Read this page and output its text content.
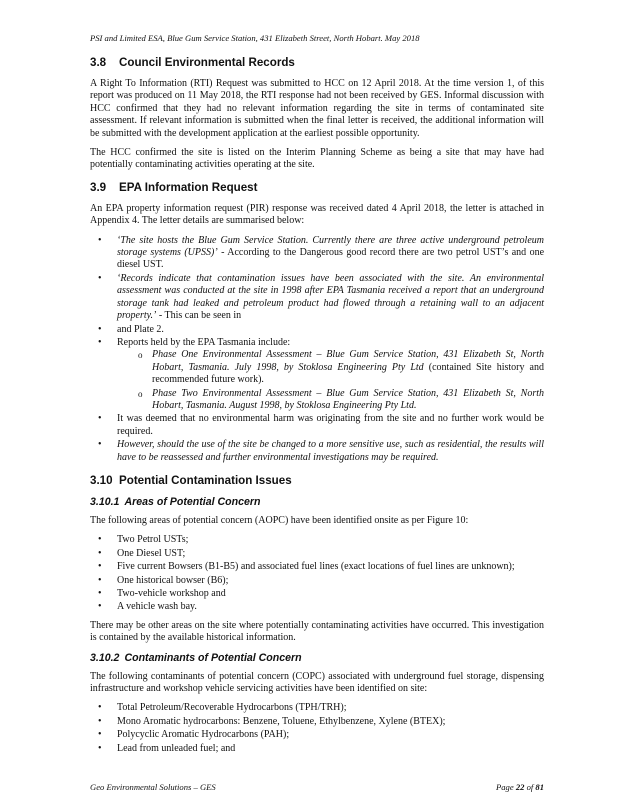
PSI and Limited ESA, Blue Gum Service Station, 431 Elizabeth Street, North Hobart. May 2018
3.8 Council Environmental Records

A Right To Information (RTI) Request was submitted to HCC on 12 April 2018. At the time version 1, of this report was produced on 11 May 2018, the RTI response had not been received by GES. Informal discussion with HCC confirmed that they had no relevant information regarding the site in terms of contaminated site assessment. If relevant information is submitted when the final letter is received, the additional information will be submitted with the development application at the earliest possible opportunity.

The HCC confirmed the site is listed on the Interim Planning Scheme as being a site that may have had potentially contaminating activities operating at the site.

3.9 EPA Information Request

An EPA property information request (PIR) response was received dated 4 April 2018, the letter is attached in Appendix 4. The letter details are summarised below:

• ‘The site hosts the Blue Gum Service Station. Currently there are three active underground petroleum storage systems (UPSS)’ - According to the Dangerous good record there are two petrol UST’s and one diesel UST.
• ‘Records indicate that contamination issues have been associated with the site. An environmental assessment was conducted at the site in 1998 after EPA Tasmania received a report that an underground storage tank had leaked and petroleum product had flowed through a retaining wall to an adjacent property.’ - This can be seen in
• and Plate 2.
• Reports held by the EPA Tasmania include:
o Phase One Environmental Assessment – Blue Gum Service Station, 431 Elizabeth St, North Hobart, Tasmania. July 1998, by Stoklosa Engineering Pty Ltd (contained Site history and recommended future work).
o Phase Two Environmental Assessment – Blue Gum Service Station, 431 Elizabeth St, North Hobart, Tasmania. August 1998, by Stoklosa Engineering Pty Ltd.
• It was deemed that no environmental harm was originating from the site and no further work would be required.
• However, should the use of the site be changed to a more sensitive use, such as residential, the results will have to be reassessed and further environmental investigations may be required.
3.10 Potential Contamination Issues
3.10.1 Areas of Potential Concern

The following areas of potential concern (AOPC) have been identified onsite as per Figure 10:

• Two Petrol USTs;
• One Diesel UST;
• Five current Bowsers (B1-B5) and associated fuel lines (exact locations of fuel lines are unknown);
• One historical bowser (B6);
• Two-vehicle workshop and
• A vehicle wash bay.

There may be other areas on the site where potentially contaminating activities have occurred. This investigation is contained by the available historical information.

3.10.2 Contaminants of Potential Concern

The following contaminants of potential concern (COPC) associated with underground fuel storage, dispensing infrastructure and workshop vehicle servicing activities have been identified on site:

• Total Petroleum/Recoverable Hydrocarbons (TPH/TRH);
• Mono Aromatic hydrocarbons: Benzene, Toluene, Ethylbenzene, Xylene (BTEX);
• Polycyclic Aromatic Hydrocarbons (PAH);
• Lead from unleaded fuel; and
Geo Environmental Solutions – GES	Page 22 of 81
